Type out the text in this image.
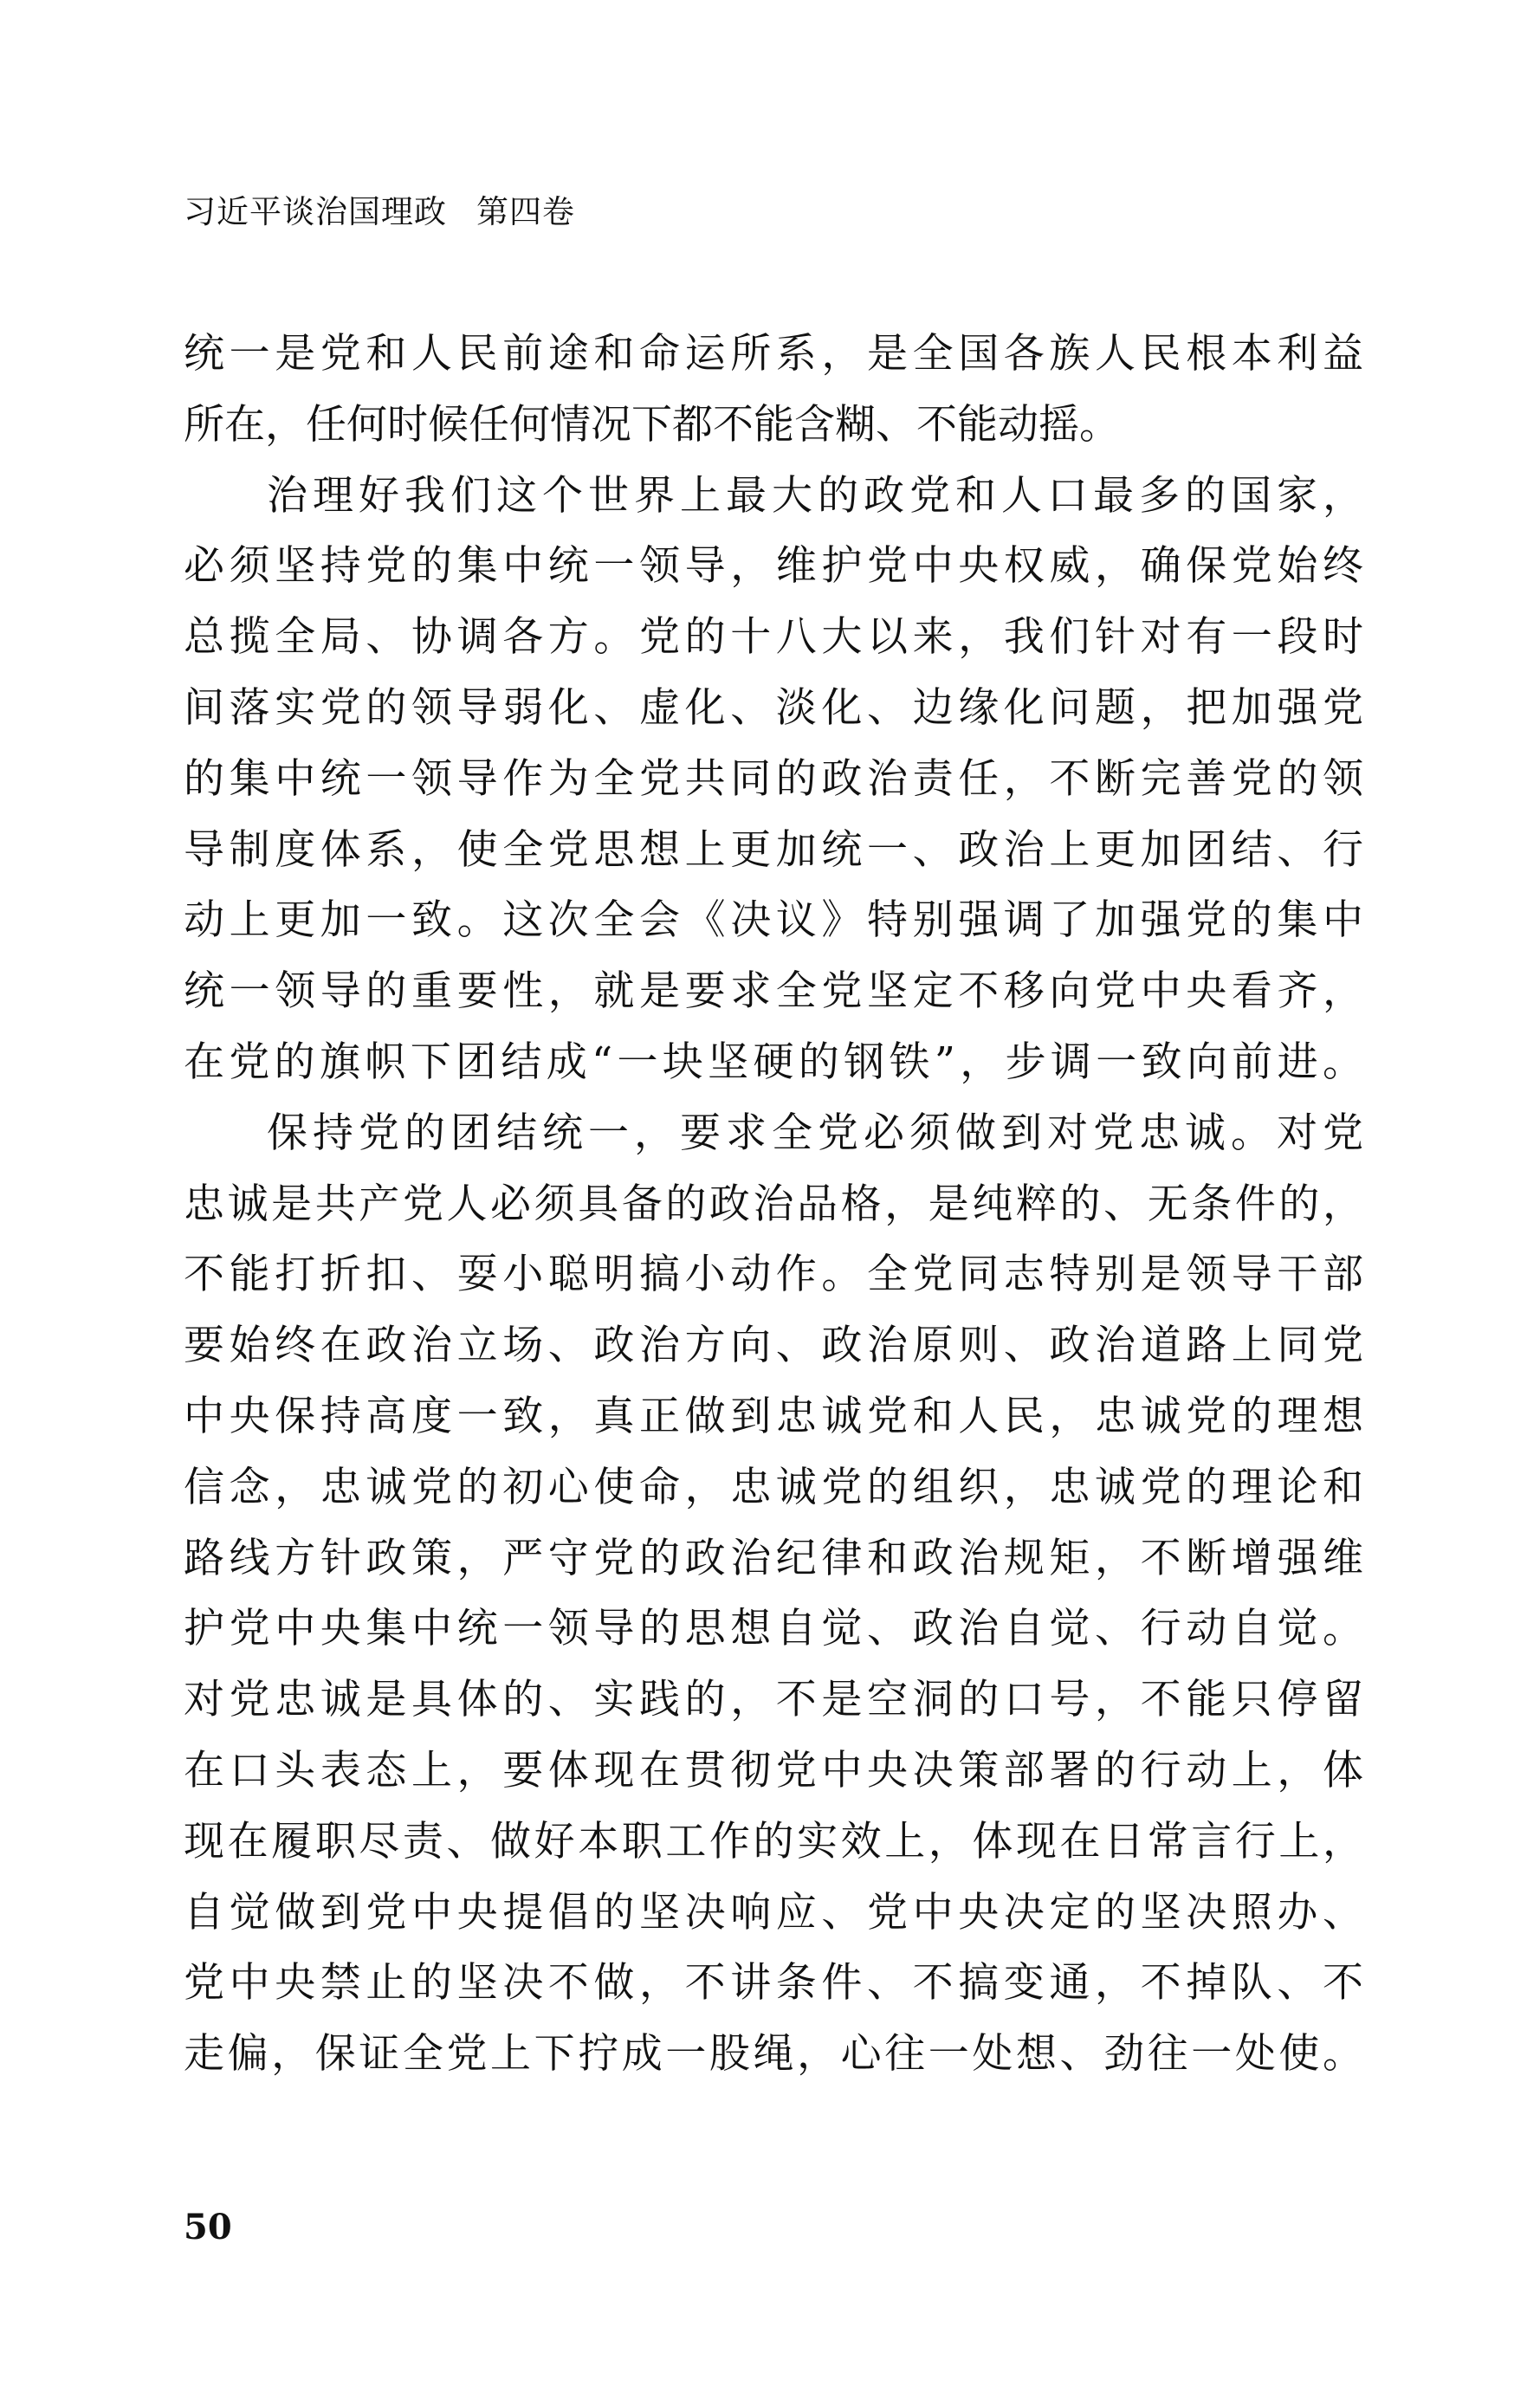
习近平谈治国理政 第四卷
统一是党和人民前途和命运所系，是全国各族人民根本利益
所在，任何时候任何情况下都不能含糊、不能动摇。
治理好我们这个世界上最大的政党和人口最多的国家，
必须坚持党的集中统一领导，维护党中央权威，确保党始终
总揽全局、协调各方。党的十八大以来，我们针对有一段时
间落实党的领导弱化、虚化、淡化、边缘化问题，把加强党
的集中统一领导作为全党共同的政治责任，不断完善党的领
导制度体系，使全党思想上更加统一、政治上更加团结、行
动上更加一致。这次全会《决议》特别强调了加强党的集中
统一领导的重要性，就是要求全党坚定不移向党中央看齐，
在党的旗帜下团结成“一块坚硬的钢铁”，步调一致向前进。
保持党的团结统一，要求全党必须做到对党忠诚。对党
忠诚是共产党人必须具备的政治品格，是纯粹的、无条件的，
不能打折扣、耍小聪明搞小动作。全党同志特别是领导干部
要始终在政治立场、政治方向、政治原则、政治道路上同党
中央保持高度一致，真正做到忠诚党和人民，忠诚党的理想
信念，忠诚党的初心使命，忠诚党的组织，忠诚党的理论和
路线方针政策，严守党的政治纪律和政治规矩，不断增强维
护党中央集中统一领导的思想自觉、政治自觉、行动自觉。
对党忠诚是具体的、实践的，不是空洞的口号，不能只停留
在口头表态上，要体现在贯彻党中央决策部署的行动上，体
现在履职尽责、做好本职工作的实效上，体现在日常言行上，
自觉做到党中央提倡的坚决响应、党中央决定的坚决照办、
党中央禁止的坚决不做，不讲条件、不搞变通，不掉队、不
走偏，保证全党上下拧成一股绳，心往一处想、劲往一处使。
50
